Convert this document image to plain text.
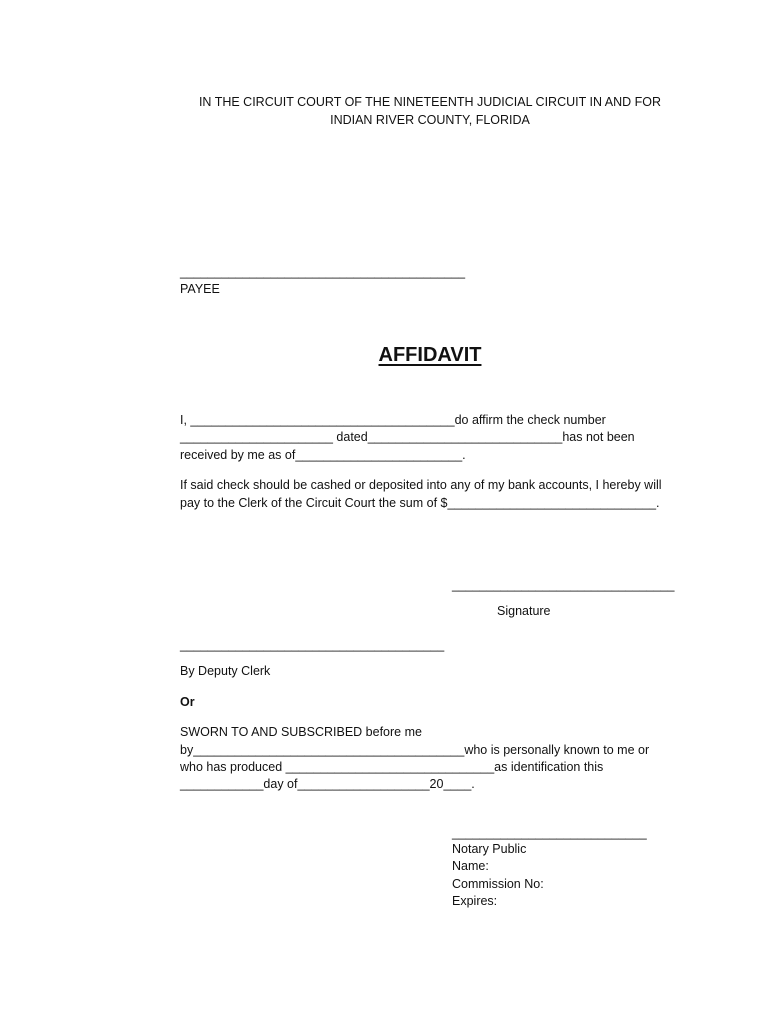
IN THE CIRCUIT COURT OF THE NINETEENTH JUDICIAL CIRCUIT IN AND FOR
INDIAN RIVER COUNTY, FLORIDA
_________________________________________
PAYEE
AFFIDAVIT
I, ______________________________________do affirm the check number
______________________ dated____________________________has not been
received by me as of________________________.
If said check should be cashed or deposited into any of my bank accounts, I hereby will
pay to the Clerk of the Circuit Court the sum of $______________________________.
________________________________
Signature
______________________________________
By Deputy Clerk
Or
SWORN TO AND SUBSCRIBED before me
by_______________________________________who is personally known to me or
who has produced ______________________________as identification this
____________day of___________________20____.
____________________________
Notary Public
Name:
Commission No:
Expires:
